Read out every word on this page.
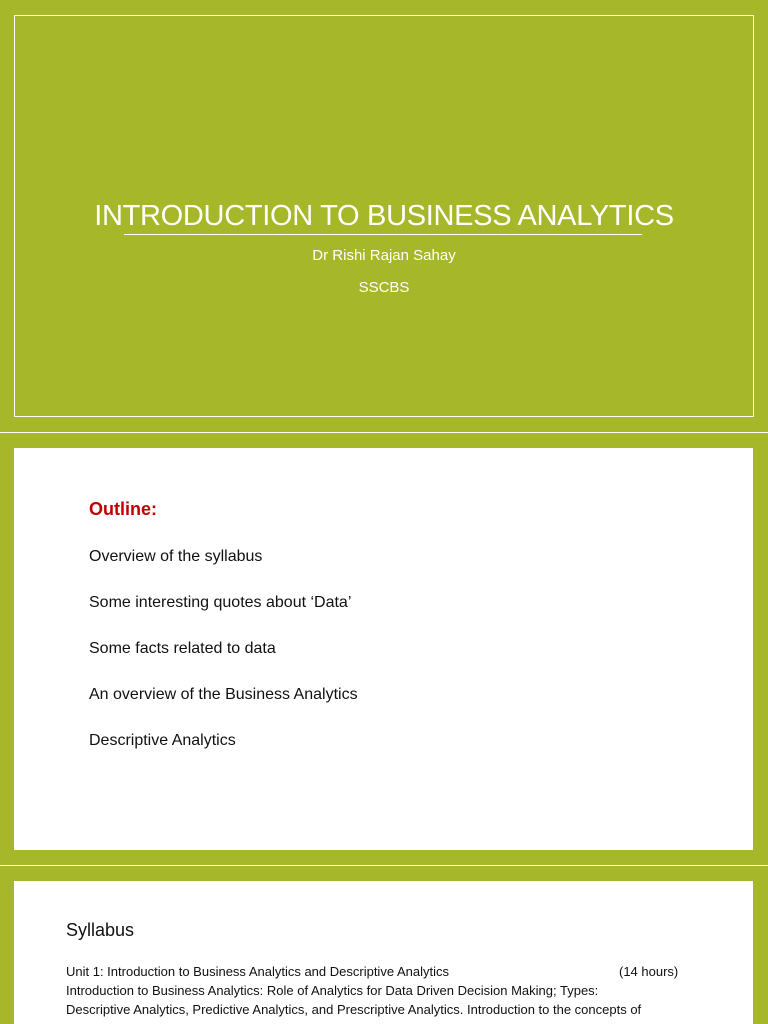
INTRODUCTION TO BUSINESS ANALYTICS
Dr Rishi Rajan Sahay
SSCBS
Outline:
Overview of the syllabus
Some interesting quotes about ‘Data’
Some facts related to data
An overview of the Business Analytics
Descriptive Analytics
Syllabus
Unit 1: Introduction to Business Analytics and Descriptive Analytics	(14 hours)
Introduction to Business Analytics: Role of Analytics for Data Driven Decision Making; Types:
Descriptive Analytics, Predictive Analytics, and Prescriptive Analytics. Introduction to the concepts of
